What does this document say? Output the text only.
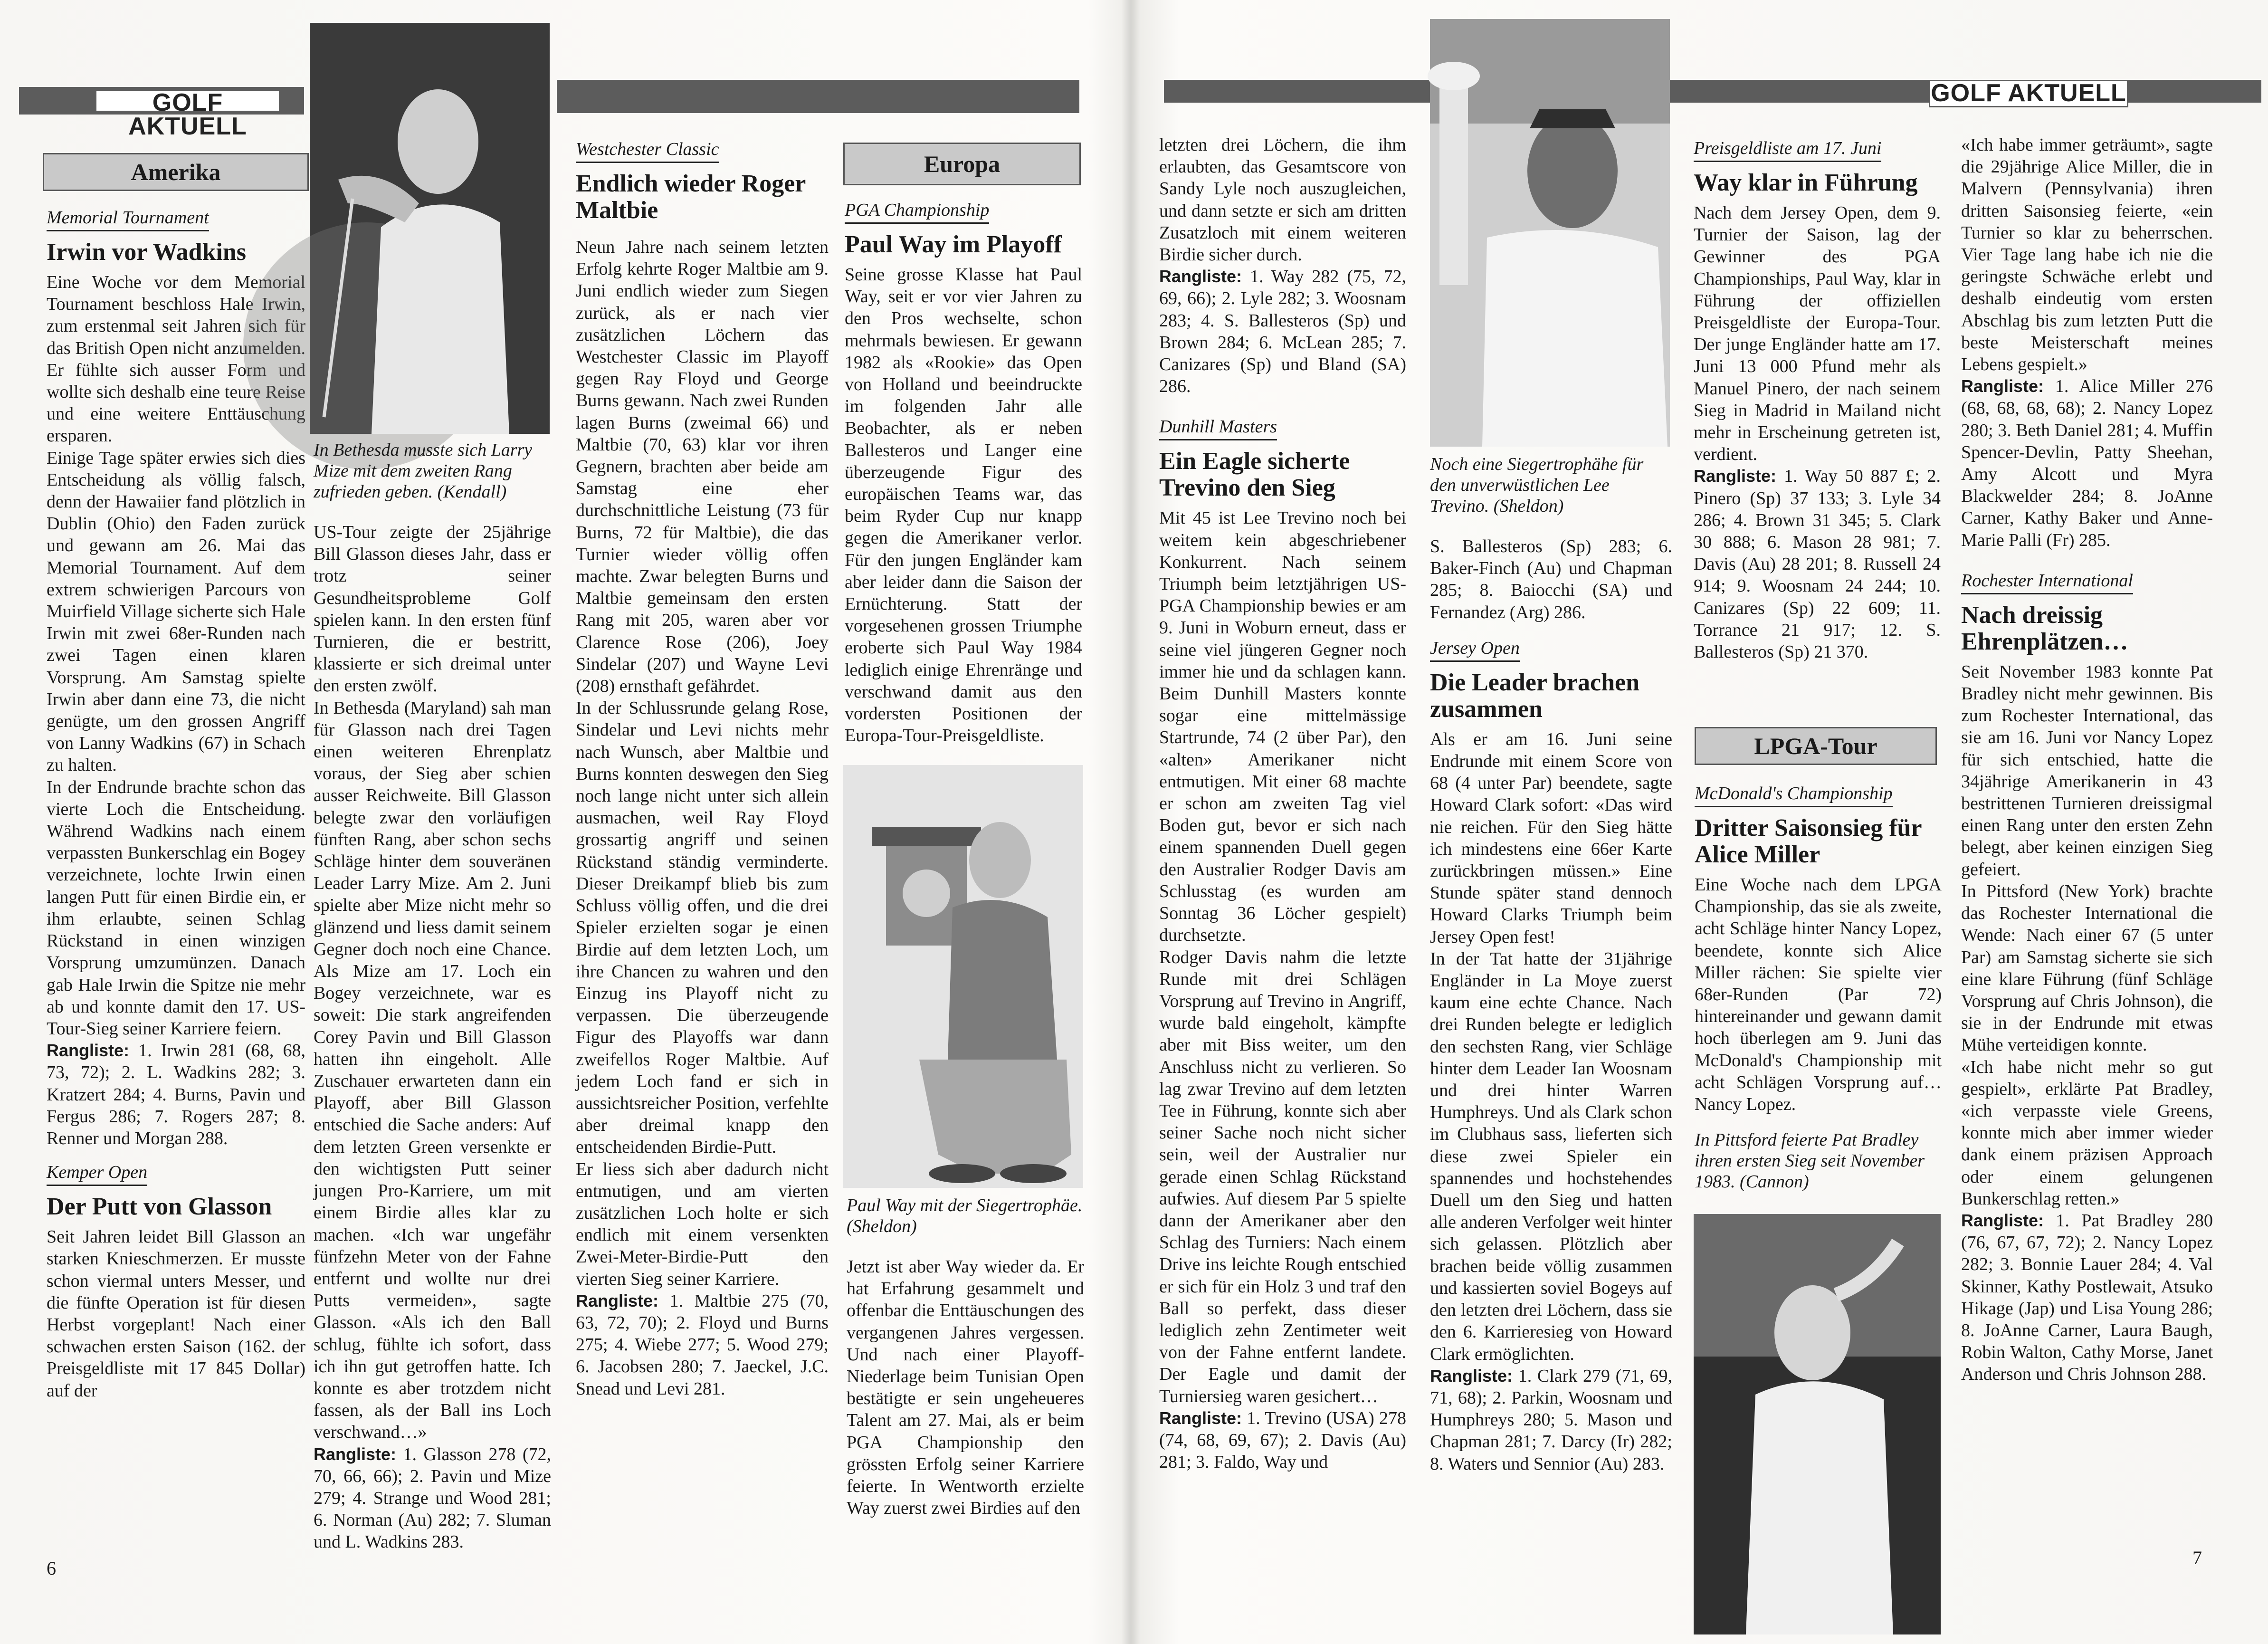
GOLF AKTUELL
GOLF AKTUELL
Amerika	Europa
LPGA-Tour
Memorial Tournament
Irwin vor Wadkins

Eine Woche vor dem Memorial Tournament beschloss Hale Irwin, zum erstenmal seit Jahren sich für das British Open nicht anzumelden. Er fühlte sich ausser Form und wollte sich deshalb eine teure Reise und eine weitere Enttäuschung ersparen.

Einige Tage später erwies sich dies Entscheidung als völlig falsch, denn der Hawaiier fand plötzlich in Dublin (Ohio) den Faden zurück und gewann am 26. Mai das Memorial Tournament. Auf dem extrem schwierigen Parcours von Muirfield Village sicherte sich Hale Irwin mit zwei 68er-Runden nach zwei Tagen einen klaren Vorsprung. Am Samstag spielte Irwin aber dann eine 73, die nicht genügte, um den grossen Angriff von Lanny Wadkins (67) in Schach zu halten.

In der Endrunde brachte schon das vierte Loch die Entscheidung. Während Wadkins nach einem verpassten Bunkerschlag ein Bogey verzeichnete, lochte Irwin einen langen Putt für einen Birdie ein, er ihm erlaubte, seinen Schlag Rückstand in einen winzigen Vorsprung umzumünzen. Danach gab Hale Irwin die Spitze nie mehr ab und konnte damit den 17. US-Tour-Sieg seiner Karriere feiern.

Rangliste: 1. Irwin 281 (68, 68, 73, 72); 2. L. Wadkins 282; 3. Kratzert 284; 4. Burns, Pavin und Fergus 286; 7. Rogers 287; 8. Renner und Morgan 288.
Kemper Open
Der Putt von Glasson

Seit Jahren leidet Bill Glasson an starken Knieschmerzen. Er musste schon viermal unters Messer, und die fünfte Operation ist für diesen Herbst vorgeplant! Nach einer schwachen ersten Saison (162. der Preisgeldliste mit 17 845 Dollar) auf der

In Bethesda musste sich Larry Mize mit dem zweiten Rang zufrieden geben. (Kendall)

US-Tour zeigte der 25jährige Bill Glasson dieses Jahr, dass er trotz seiner Gesundheitsprobleme Golf spielen kann. In den ersten fünf Turnieren, die er bestritt, klassierte er sich dreimal unter den ersten zwölf.

In Bethesda (Maryland) sah man für Glasson nach drei Tagen einen weiteren Ehrenplatz voraus, der Sieg aber schien ausser Reichweite. Bill Glasson belegte zwar den vorläufigen fünften Rang, aber schon sechs Schläge hinter dem souveränen Leader Larry Mize. Am 2. Juni spielte aber Mize nicht mehr so glänzend und liess damit seinem Gegner doch noch eine Chance. Als Mize am 17. Loch ein Bogey verzeichnete, war es soweit: Die stark angreifenden Corey Pavin und Bill Glasson hatten ihn eingeholt. Alle Zuschauer erwarteten dann ein Playoff, aber Bill Glasson entschied die Sache anders: Auf dem letzten Green versenkte er den wichtigsten Putt seiner jungen Pro-Karriere, um mit einem Birdie alles klar zu machen. «Ich war ungefähr fünfzehn Meter von der Fahne entfernt und wollte nur drei Putts vermeiden», sagte Glasson. «Als ich den Ball schlug, fühlte ich sofort, dass ich ihn gut getroffen hatte. Ich konnte es aber trotzdem nicht fassen, als der Ball ins Loch verschwand…»

Rangliste: 1. Glasson 278 (72, 70, 66, 66); 2. Pavin und Mize 279; 4. Strange und Wood 281; 6. Norman (Au) 282; 7. Sluman und L. Wadkins 283.
Westchester Classic
Endlich wieder Roger Maltbie

Neun Jahre nach seinem letzten Erfolg kehrte Roger Maltbie am 9. Juni endlich wieder zum Siegen zurück, als er nach vier zusätzlichen Löchern das Westchester Classic im Playoff gegen Ray Floyd und George Burns gewann. Nach zwei Runden lagen Burns (zweimal 66) und Maltbie (70, 63) klar vor ihren Gegnern, brachten aber beide am Samstag eine eher durchschnittliche Leistung (73 für Burns, 72 für Maltbie), die das Turnier wieder völlig offen machte. Zwar belegten Burns und Maltbie gemeinsam den ersten Rang mit 205, waren aber vor Clarence Rose (206), Joey Sindelar (207) und Wayne Levi (208) ernsthaft gefährdet.

In der Schlussrunde gelang Rose, Sindelar und Levi nichts mehr nach Wunsch, aber Maltbie und Burns konnten deswegen den Sieg noch lange nicht unter sich allein ausmachen, weil Ray Floyd grossartig angriff und seinen Rückstand ständig verminderte. Dieser Dreikampf blieb bis zum Schluss völlig offen, und die drei Spieler erzielten sogar je einen Birdie auf dem letzten Loch, um ihre Chancen zu wahren und den Einzug ins Playoff nicht zu verpassen. Die überzeugende Figur des Playoffs war dann zweifellos Roger Maltbie. Auf jedem Loch fand er sich in aussichtsreicher Position, verfehlte aber dreimal knapp den entscheidenden Birdie-Putt.

Er liess sich aber dadurch nicht entmutigen, und am vierten zusätzlichen Loch holte er sich endlich mit einem versenkten Zwei-Meter-Birdie-Putt den vierten Sieg seiner Karriere.

Rangliste: 1. Maltbie 275 (70, 63, 72, 70); 2. Floyd und Burns 275; 4. Wiebe 277; 5. Wood 279; 6. Jacobsen 280; 7. Jaeckel, J.C. Snead und Levi 281.
PGA Championship
Paul Way im Playoff

Seine grosse Klasse hat Paul Way, seit er vor vier Jahren zu den Pros wechselte, schon mehrmals bewiesen. Er gewann 1982 als «Rookie» das Open von Holland und beeindruckte im folgenden Jahr alle Beobachter, als er neben Ballesteros und Langer eine überzeugende Figur des europäischen Teams war, das beim Ryder Cup nur knapp gegen die Amerikaner verlor. Für den jungen Engländer kam aber leider dann die Saison der Ernüchterung. Statt der vorgesehenen grossen Triumphe eroberte sich Paul Way 1984 lediglich einige Ehrenränge und verschwand damit aus den vordersten Positionen der Europa-Tour-Preisgeldliste.

Paul Way mit der Siegertrophäe. (Sheldon)

Jetzt ist aber Way wieder da. Er hat Erfahrung gesammelt und offenbar die Enttäuschungen des vergangenen Jahres vergessen. Und nach einer Playoff-Niederlage beim Tunisian Open bestätigte er sein ungeheueres Talent am 27. Mai, als er beim PGA Championship den grössten Erfolg seiner Karriere feierte. In Wentworth erzielte Way zuerst zwei Birdies auf den

letzten drei Löchern, die ihm erlaubten, das Gesamtscore von Sandy Lyle noch auszugleichen, und dann setzte er sich am dritten Zusatzloch mit einem weiteren Birdie sicher durch.

Rangliste: 1. Way 282 (75, 72, 69, 66); 2. Lyle 282; 3. Woosnam 283; 4. S. Ballesteros (Sp) und Brown 284; 6. McLean 285; 7. Canizares (Sp) und Bland (SA) 286.
Dunhill Masters
Ein Eagle sicherte Trevino den Sieg

Mit 45 ist Lee Trevino noch bei weitem kein abgeschriebener Konkurrent. Nach seinem Triumph beim letztjährigen US-PGA Championship bewies er am 9. Juni in Woburn erneut, dass er seine viel jüngeren Gegner noch immer hie und da schlagen kann. Beim Dunhill Masters konnte sogar eine mittelmässige Startrunde, 74 (2 über Par), den «alten» Amerikaner nicht entmutigen. Mit einer 68 machte er schon am zweiten Tag viel Boden gut, bevor er sich nach einem spannenden Duell gegen den Australier Rodger Davis am Schlusstag (es wurden am Sonntag 36 Löcher gespielt) durchsetzte.

Rodger Davis nahm die letzte Runde mit drei Schlägen Vorsprung auf Trevino in Angriff, wurde bald eingeholt, kämpfte aber mit Biss weiter, um den Anschluss nicht zu verlieren. So lag zwar Trevino auf dem letzten Tee in Führung, konnte sich aber seiner Sache noch nicht sicher sein, weil der Australier nur gerade einen Schlag Rückstand aufwies. Auf diesem Par 5 spielte dann der Amerikaner aber den Schlag des Turniers: Nach einem Drive ins leichte Rough entschied er sich für ein Holz 3 und traf den Ball so perfekt, dass dieser lediglich zehn Zentimeter weit von der Fahne entfernt landete. Der Eagle und damit der Turniersieg waren gesichert…

Rangliste: 1. Trevino (USA) 278 (74, 68, 69, 67); 2. Davis (Au) 281; 3. Faldo, Way und
Noch eine Siegertrophähe für den unverwüstlichen Lee Trevino. (Sheldon)
S. Ballesteros (Sp) 283; 6. Baker-Finch (Au) und Chapman 285; 8. Baiocchi (SA) und Fernandez (Arg) 286.
Jersey Open
Die Leader brachen zusammen

Als er am 16. Juni seine Endrunde mit einem Score von 68 (4 unter Par) beendete, sagte Howard Clark sofort: «Das wird nie reichen. Für den Sieg hätte ich mindestens eine 66er Karte zurückbringen müssen.» Eine Stunde später stand dennoch Howard Clarks Triumph beim Jersey Open fest!

In der Tat hatte der 31jährige Engländer in La Moye zuerst kaum eine echte Chance. Nach drei Runden belegte er lediglich den sechsten Rang, vier Schläge hinter dem Leader Ian Woosnam und drei hinter Warren Humphreys. Und als Clark schon im Clubhaus sass, lieferten sich diese zwei Spieler ein spannendes und hochstehendes Duell um den Sieg und hatten alle anderen Verfolger weit hinter sich gelassen. Plötzlich aber brachen beide völlig zusammen und kassierten soviel Bogeys auf den letzten drei Löchern, dass sie den 6. Karrieresieg von Howard Clark ermöglichten.

Rangliste: 1. Clark 279 (71, 69, 71, 68); 2. Parkin, Woosnam und Humphreys 280; 5. Mason und Chapman 281; 7. Darcy (Ir) 282; 8. Waters und Sennior (Au) 283.
Preisgeldliste am 17. Juni
Way klar in Führung

Nach dem Jersey Open, dem 9. Turnier der Saison, lag der Gewinner des PGA Championships, Paul Way, klar in Führung der offiziellen Preisgeldliste der Europa-Tour. Der junge Engländer hatte am 17. Juni 13 000 Pfund mehr als Manuel Pinero, der nach seinem Sieg in Madrid in Mailand nicht mehr in Erscheinung getreten ist, verdient.

Rangliste: 1. Way 50 887 £; 2. Pinero (Sp) 37 133; 3. Lyle 34 286; 4. Brown 31 345; 5. Clark 30 888; 6. Mason 28 981; 7. Davis (Au) 28 201; 8. Russell 24 914; 9. Woosnam 24 244; 10. Canizares (Sp) 22 609; 11. Torrance 21 917; 12. S. Ballesteros (Sp) 21 370.
McDonald's Championship
Dritter Saisonsieg für Alice Miller

Eine Woche nach dem LPGA Championship, das sie als zweite, acht Schläge hinter Nancy Lopez, beendete, konnte sich Alice Miller rächen: Sie spielte vier 68er-Runden (Par 72) hintereinander und gewann damit hoch überlegen am 9. Juni das McDonald's Championship mit acht Schlägen Vorsprung auf… Nancy Lopez.

In Pittsford feierte Pat Bradley ihren ersten Sieg seit November 1983. (Cannon)

«Ich habe immer geträumt», sagte die 29jährige Alice Miller, die in Malvern (Pennsylvania) ihren dritten Saisonsieg feierte, «ein Turnier so klar zu beherrschen. Vier Tage lang habe ich nie die geringste Schwäche erlebt und deshalb eindeutig vom ersten Abschlag bis zum letzten Putt die beste Meisterschaft meines Lebens gespielt.»

Rangliste: 1. Alice Miller 276 (68, 68, 68, 68); 2. Nancy Lopez 280; 3. Beth Daniel 281; 4. Muffin Spencer-Devlin, Patty Sheehan, Amy Alcott und Myra Blackwelder 284; 8. JoAnne Carner, Kathy Baker und Anne-Marie Palli (Fr) 285.
Rochester International
Nach dreissig Ehrenplätzen…

Seit November 1983 konnte Pat Bradley nicht mehr gewinnen. Bis zum Rochester International, das sie am 16. Juni vor Nancy Lopez für sich entschied, hatte die 34jährige Amerikanerin in 43 bestrittenen Turnieren dreissigmal einen Rang unter den ersten Zehn belegt, aber keinen einzigen Sieg gefeiert.

In Pittsford (New York) brachte das Rochester International die Wende: Nach einer 67 (5 unter Par) am Samstag sicherte sie sich eine klare Führung (fünf Schläge Vorsprung auf Chris Johnson), die sie in der Endrunde mit etwas Mühe verteidigen konnte.

«Ich habe nicht mehr so gut gespielt», erklärte Pat Bradley, «ich verpasste viele Greens, konnte mich aber immer wieder dank einem präzisen Approach oder einem gelungenen Bunkerschlag retten.»

Rangliste: 1. Pat Bradley 280 (76, 67, 67, 72); 2. Nancy Lopez 282; 3. Bonnie Lauer 284; 4. Val Skinner, Kathy Postlewait, Atsuko Hikage (Jap) und Lisa Young 286; 8. JoAnne Carner, Laura Baugh, Robin Walton, Cathy Morse, Janet Anderson und Chris Johnson 288.
6	7
